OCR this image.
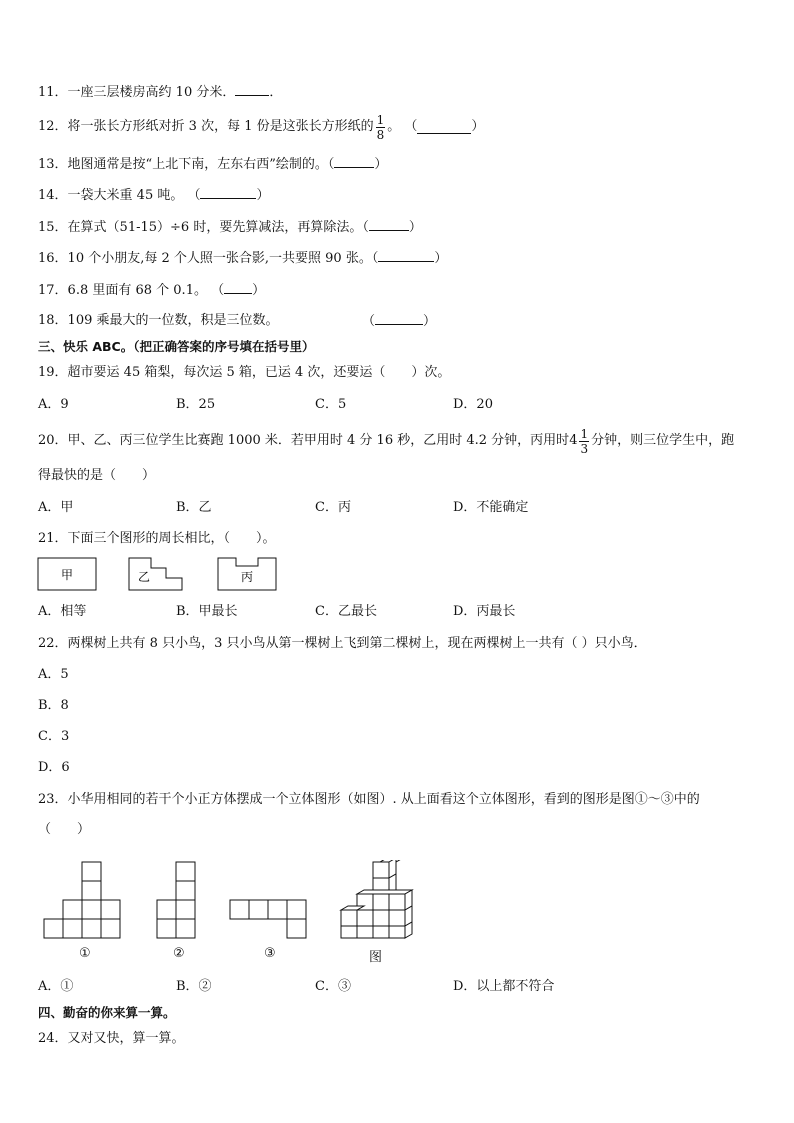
11．一座三层楼房高约 10 分米．	．
12．将一张长方形纸对折 3 次，每 1 份是这张长方形纸的 $\frac{1}{8}$ 。 （	）
13．地图通常是按“上北下南，左东右西”绘制的。（	）
14．一袋大米重 45 吨。 （	）
15．在算式（51-15）÷6 时，要先算减法，再算除法。（	）
16．10 个小朋友,每 2 个人照一张合影,一共要照 90 张。（	）
17．6.8 里面有 68 个 0.1。 （ ）
18．109 乘最大的一位数，积是三位数。	（	）
三、快乐 ABC。（把正确答案的序号填在括号里）
19．超市要运 45 箱梨，每次运 5 箱，已运 4 次，还要运（　　）次。
A．9	B．25	C．5	D．20
20．甲、乙、丙三位学生比赛跑 1000 米．若甲用时 4 分 16 秒，乙用时 4.2 分钟，丙用时 $4 \frac{1}{3}$ 分钟，则三位学生中，跑
得最快的是（　　）
A．甲	B．乙	C．丙	D．不能确定
21．下面三个图形的周长相比，（　　）。
甲	乙	丙
A．相等	B．甲最长	C．乙最长	D．丙最长
22．两棵树上共有 8 只小鸟，3 只小鸟从第一棵树上飞到第二棵树上，现在两棵树上一共有（ ）只小鸟．
A．5
B．8
C．3
D．6
23．小华用相同的若干个小正方体摆成一个立体图形（如图）. 从上面看这个立体图形，看到的图形是图①～③中的
（　　）
①	②	③	图
A．①	B．②	C．③	D．以上都不符合
四、勤奋的你来算一算。
24．又对又快，算一算。
